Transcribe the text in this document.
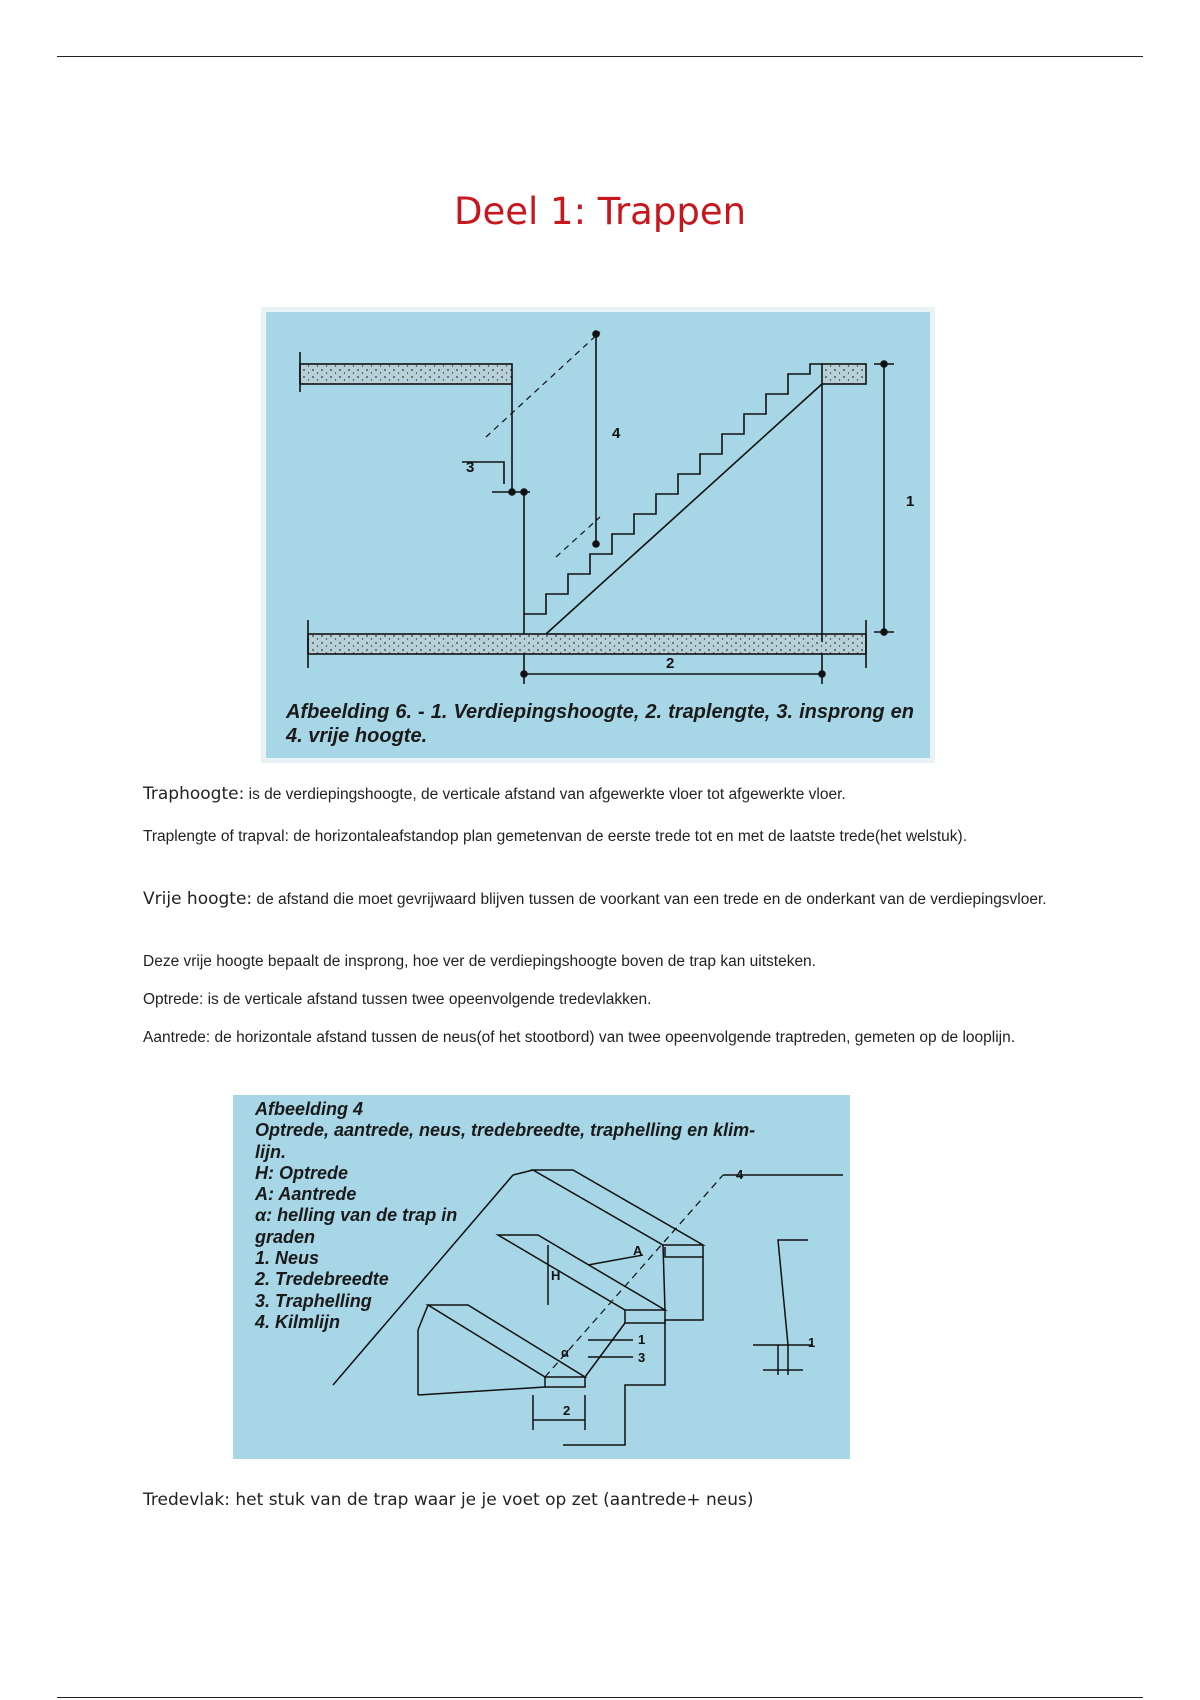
Deel 1: Trappen
1
2
3
4
Afbeelding 6. - 1. Verdiepingshoogte, 2. traplengte, 3. insprong en 4. vrije hoogte.
Traphoogte: is de verdiepingshoogte, de verticale afstand van afgewerkte vloer tot afgewerkte vloer.
Traplengte of trapval: de horizontaleafstandop plan gemetenvan de eerste trede tot en met de laatste trede(het welstuk).
Vrije hoogte: de afstand die moet gevrijwaard blijven tussen de voorkant van een trede en de onderkant van de verdiepingsvloer.
Deze vrije hoogte bepaalt de insprong, hoe ver de verdiepingshoogte boven de trap kan uitsteken.
Optrede: is de verticale afstand tussen twee opeenvolgende tredevlakken.
Aantrede: de horizontale afstand tussen de neus(of het stootbord) van twee opeenvolgende traptreden, gemeten op de looplijn.
H
A
α
1
2
3
4
1
Afbeelding 4
Optrede, aantrede, neus, tredebreedte, traphelling en klim-
lijn.
H: Optrede
A: Aantrede
α: helling van de trap in
graden
1. Neus
2. Tredebreedte
3. Traphelling
4. Kilmlijn
Tredevlak: het stuk van de trap waar je je voet op zet (aantrede+ neus)
